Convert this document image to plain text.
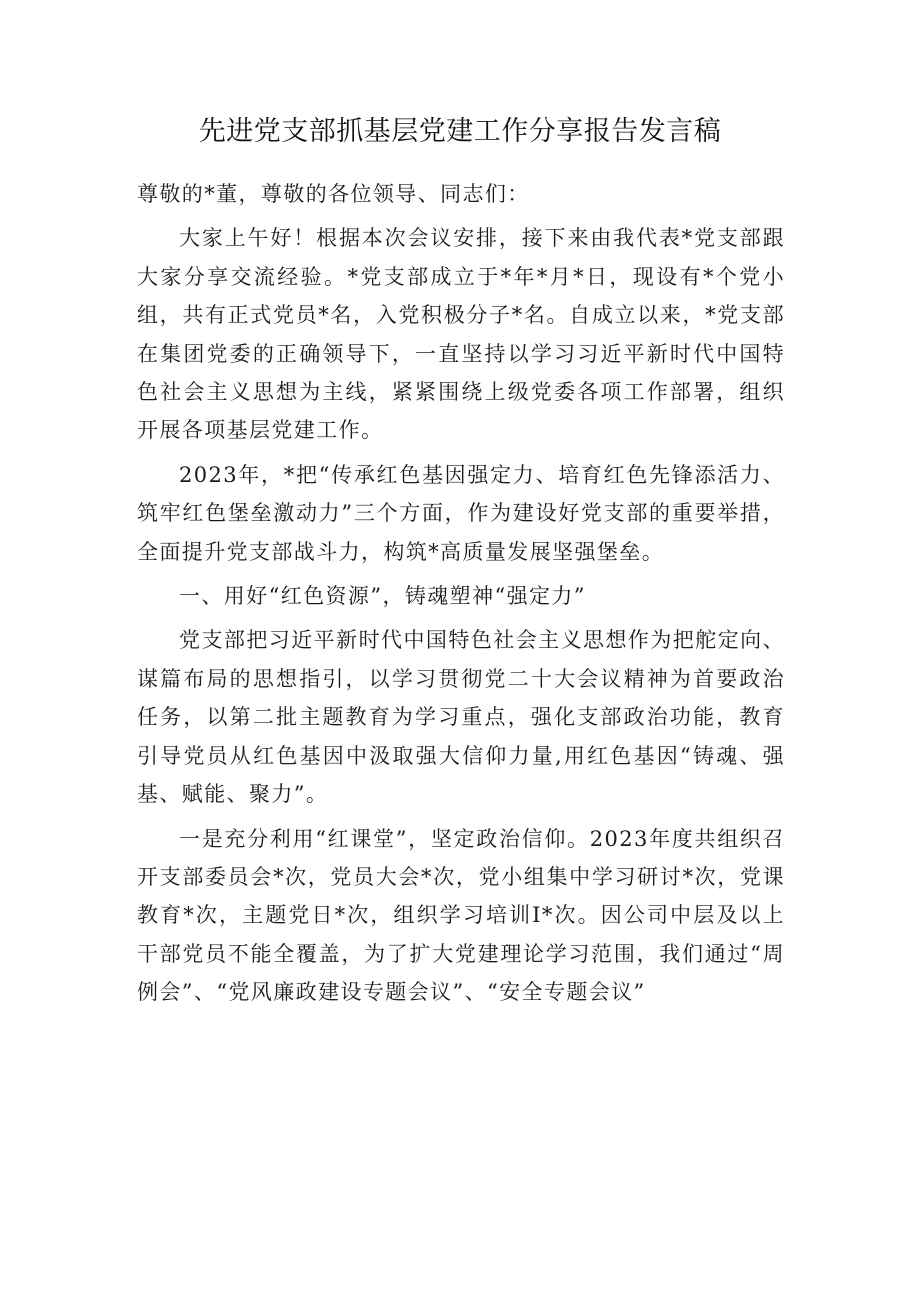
先进党支部抓基层党建工作分享报告发言稿

尊敬的*董，尊敬的各位领导、同志们：

大家上午好！根据本次会议安排，接下来由我代表*党支部跟大家分享交流经验。*党支部成立于*年*月*日，现设有*个党小组，共有正式党员*名，入党积极分子*名。自成立以来，*党支部在集团党委的正确领导下，一直坚持以学习习近平新时代中国特色社会主义思想为主线，紧紧围绕上级党委各项工作部署，组织开展各项基层党建工作。

2023年，*把“传承红色基因强定力、培育红色先锋添活力、筑牢红色堡垒激动力”三个方面，作为建设好党支部的重要举措，全面提升党支部战斗力，构筑*高质量发展坚强堡垒。

一、用好“红色资源”，铸魂塑神“强定力”

党支部把习近平新时代中国特色社会主义思想作为把舵定向、谋篇布局的思想指引，以学习贯彻党二十大会议精神为首要政治任务，以第二批主题教育为学习重点，强化支部政治功能，教育引导党员从红色基因中汲取强大信仰力量,用红色基因“铸魂、强基、赋能、聚力”。

一是充分利用“红课堂”，坚定政治信仰。2023年度共组织召开支部委员会*次，党员大会*次，党小组集中学习研讨*次，党课教育*次，主题党日*次，组织学习培训I*次。因公司中层及以上干部党员不能全覆盖，为了扩大党建理论学习范围，我们通过“周例会”、“党风廉政建设专题会议”、“安全专题会议”
